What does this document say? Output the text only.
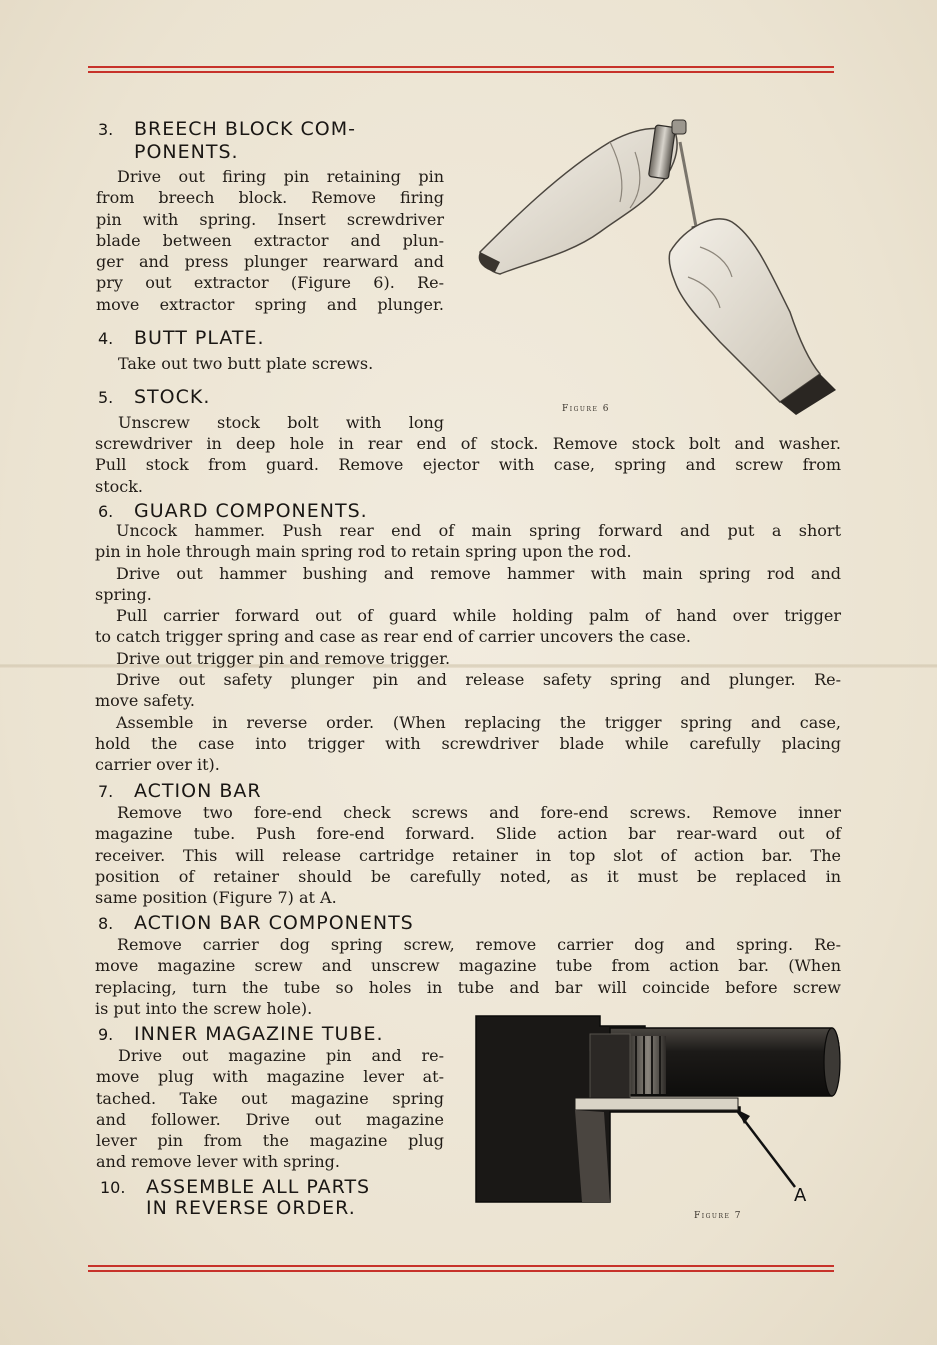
3. BREECH BLOCK COM-
PONENTS.

Drive out firing pin retaining pin

from breech block. Remove firing

pin with spring. Insert screwdriver

blade between extractor and plun-

ger and press plunger rearward and

pry out extractor (Figure 6). Re-

move extractor spring and plunger.

4. BUTT PLATE.

Take out two butt plate screws.

5. STOCK.

Unscrew stock bolt with long

screwdriver in deep hole in rear end of stock. Remove stock bolt and washer.

Pull stock from guard. Remove ejector with case, spring and screw from

stock.

6. GUARD COMPONENTS.

Uncock hammer. Push rear end of main spring forward and put a short

pin in hole through main spring rod to retain spring upon the rod.

Drive out hammer bushing and remove hammer with main spring rod and

spring.

Pull carrier forward out of guard while holding palm of hand over trigger

to catch trigger spring and case as rear end of carrier uncovers the case.

Drive out trigger pin and remove trigger.

Drive out safety plunger pin and release safety spring and plunger. Re-

move safety.

Assemble in reverse order. (When replacing the trigger spring and case,

hold the case into trigger with screwdriver blade while carefully placing

carrier over it).

7. ACTION BAR

Remove two fore-end check screws and fore-end screws. Remove inner

magazine tube. Push fore-end forward. Slide action bar rear-ward out of

receiver. This will release cartridge retainer in top slot of action bar. The

position of retainer should be carefully noted, as it must be replaced in

same position (Figure 7) at A.

8. ACTION BAR COMPONENTS

Remove carrier dog spring screw, remove carrier dog and spring. Re-

move magazine screw and unscrew magazine tube from action bar. (When

replacing, turn the tube so holes in tube and bar will coincide before screw

is put into the screw hole).

9. INNER MAGAZINE TUBE.

Drive out magazine pin and re-

move plug with magazine lever at-

tached. Take out magazine spring

and follower. Drive out magazine

lever pin from the magazine plug

and remove lever with spring.

10. ASSEMBLE ALL PARTS
IN REVERSE ORDER.
Figure 6
A
Figure 7
